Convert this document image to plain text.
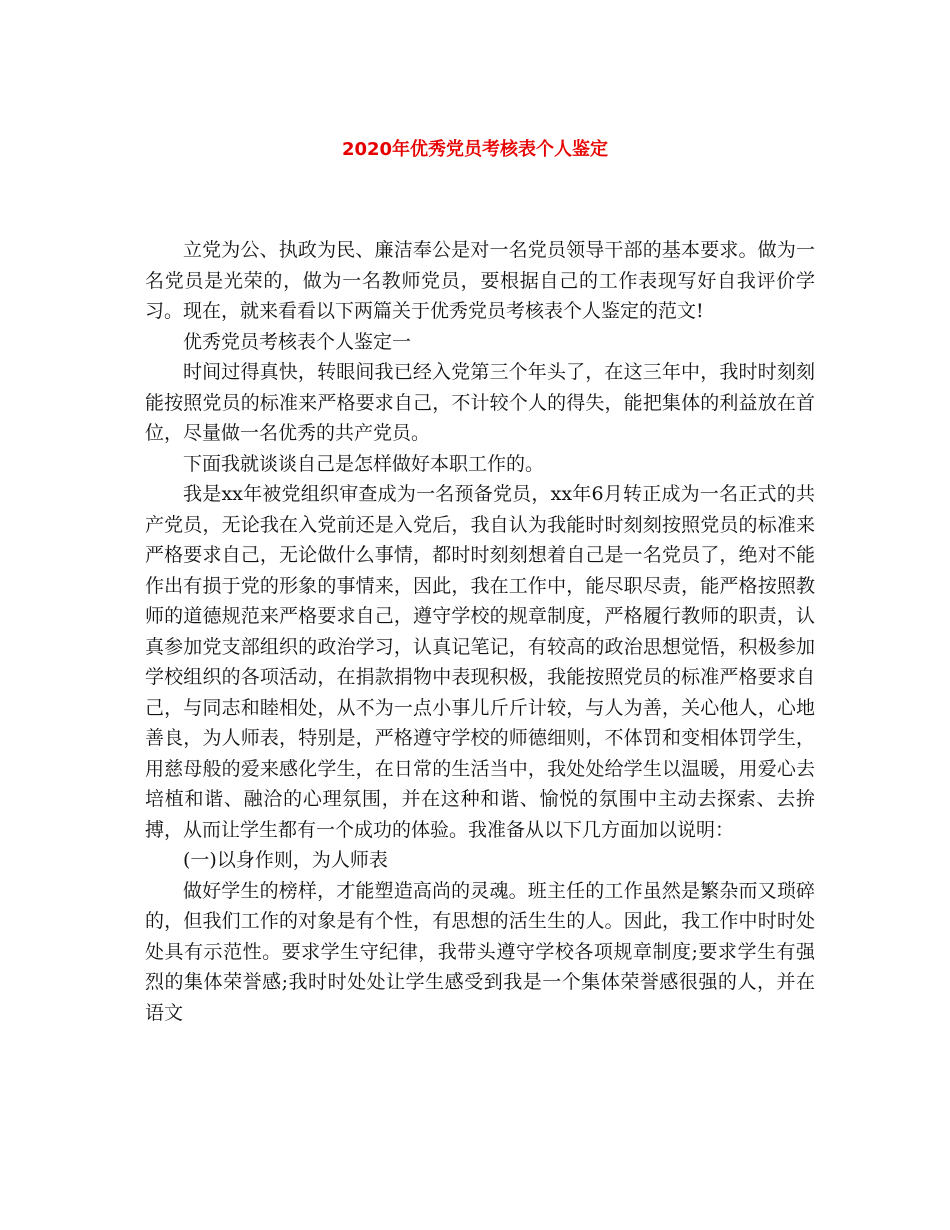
2020年优秀党员考核表个人鉴定

立党为公、执政为民、廉洁奉公是对一名党员领导干部的基本要求。做为一名党员是光荣的，做为一名教师党员，要根据自己的工作表现写好自我评价学习。现在，就来看看以下两篇关于优秀党员考核表个人鉴定的范文!

优秀党员考核表个人鉴定一

时间过得真快，转眼间我已经入党第三个年头了，在这三年中，我时时刻刻能按照党员的标准来严格要求自己，不计较个人的得失，能把集体的利益放在首位，尽量做一名优秀的共产党员。

下面我就谈谈自己是怎样做好本职工作的。

我是xx年被党组织审查成为一名预备党员，xx年6月转正成为一名正式的共产党员，无论我在入党前还是入党后，我自认为我能时时刻刻按照党员的标准来严格要求自己，无论做什么事情，都时时刻刻想着自己是一名党员了，绝对不能作出有损于党的形象的事情来，因此，我在工作中，能尽职尽责，能严格按照教师的道德规范来严格要求自己，遵守学校的规章制度，严格履行教师的职责，认真参加党支部组织的政治学习，认真记笔记，有较高的政治思想觉悟，积极参加学校组织的各项活动，在捐款捐物中表现积极，我能按照党员的标准严格要求自己，与同志和睦相处，从不为一点小事儿斤斤计较，与人为善，关心他人，心地善良，为人师表，特别是，严格遵守学校的师德细则，不体罚和变相体罚学生，用慈母般的爱来感化学生，在日常的生活当中，我处处给学生以温暖，用爱心去培植和谐、融洽的心理氛围，并在这种和谐、愉悦的氛围中主动去探索、去拚搏，从而让学生都有一个成功的体验。我准备从以下几方面加以说明：

(一)以身作则，为人师表

做好学生的榜样，才能塑造高尚的灵魂。班主任的工作虽然是繁杂而又琐碎的，但我们工作的对象是有个性，有思想的活生生的人。因此，我工作中时时处处具有示范性。要求学生守纪律，我带头遵守学校各项规章制度;要求学生有强烈的集体荣誉感;我时时处处让学生感受到我是一个集体荣誉感很强的人，并在语文
